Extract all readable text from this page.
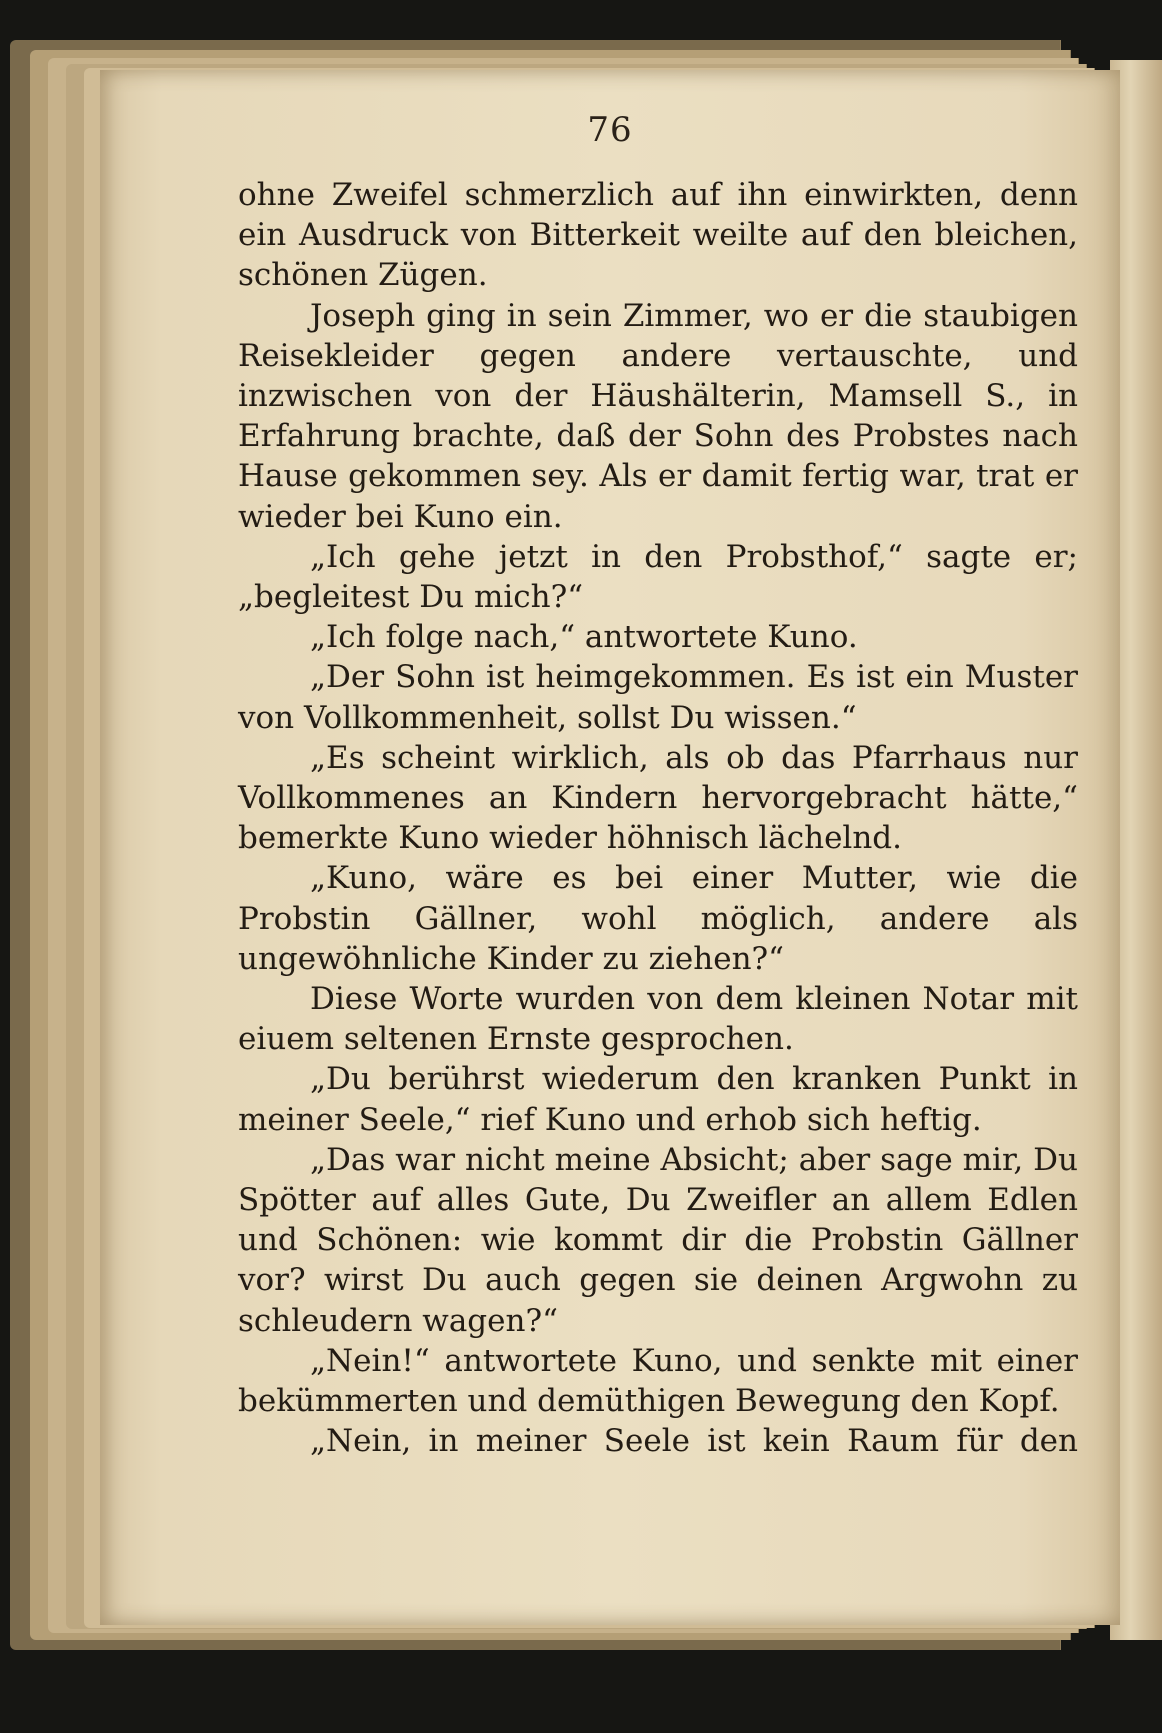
76

ohne Zweifel schmerzlich auf ihn einwirkten, denn ein Ausdruck von Bitterkeit weilte auf den bleichen, schönen Zügen.

Joseph ging in sein Zimmer, wo er die staubigen Reisekleider gegen andere vertauschte, und inzwischen von der Häushälterin, Mamsell S., in Erfahrung brachte, daß der Sohn des Probstes nach Hause gekommen sey. Als er damit fertig war, trat er wieder bei Kuno ein.

„Ich gehe jetzt in den Probsthof,“ sagte er; „begleitest Du mich?“

„Ich folge nach,“ antwortete Kuno.

„Der Sohn ist heimgekommen. Es ist ein Muster von Vollkommenheit, sollst Du wissen.“

„Es scheint wirklich, als ob das Pfarrhaus nur Vollkommenes an Kindern hervorgebracht hätte,“ bemerkte Kuno wieder höhnisch lächelnd.

„Kuno, wäre es bei einer Mutter, wie die Probstin Gällner, wohl möglich, andere als ungewöhnliche Kinder zu ziehen?“

Diese Worte wurden von dem kleinen Notar mit eiuem seltenen Ernste gesprochen.

„Du berührst wiederum den kranken Punkt in meiner Seele,“ rief Kuno und erhob sich heftig.

„Das war nicht meine Absicht; aber sage mir, Du Spötter auf alles Gute, Du Zweifler an allem Edlen und Schönen: wie kommt dir die Probstin Gällner vor? wirst Du auch gegen sie deinen Argwohn zu schleudern wagen?“

„Nein!“ antwortete Kuno, und senkte mit einer bekümmerten und demüthigen Bewegung den Kopf.

„Nein, in meiner Seele ist kein Raum für den
